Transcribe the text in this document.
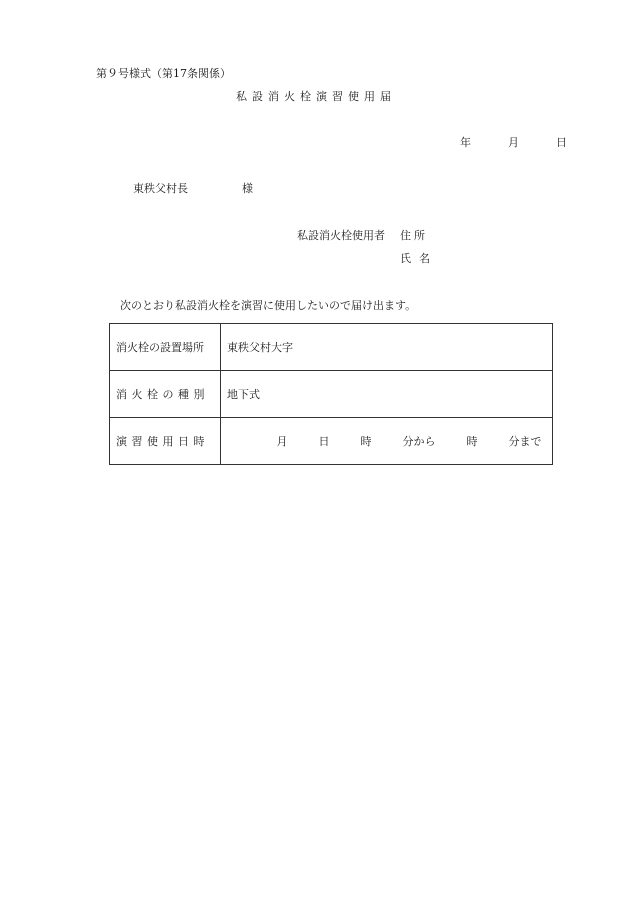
第９号様式（第17条関係）
私設消火栓演習使用届
年	月	日
東秩父村長	様
私設消火栓使用者 住所
氏名
次のとおり私設消火栓を演習に使用したいので届け出ます。
消火栓の設置場所	東秩父村大字
消火栓の種別	地下式
演習使用日時	月 日 時 分から 時 分まで
